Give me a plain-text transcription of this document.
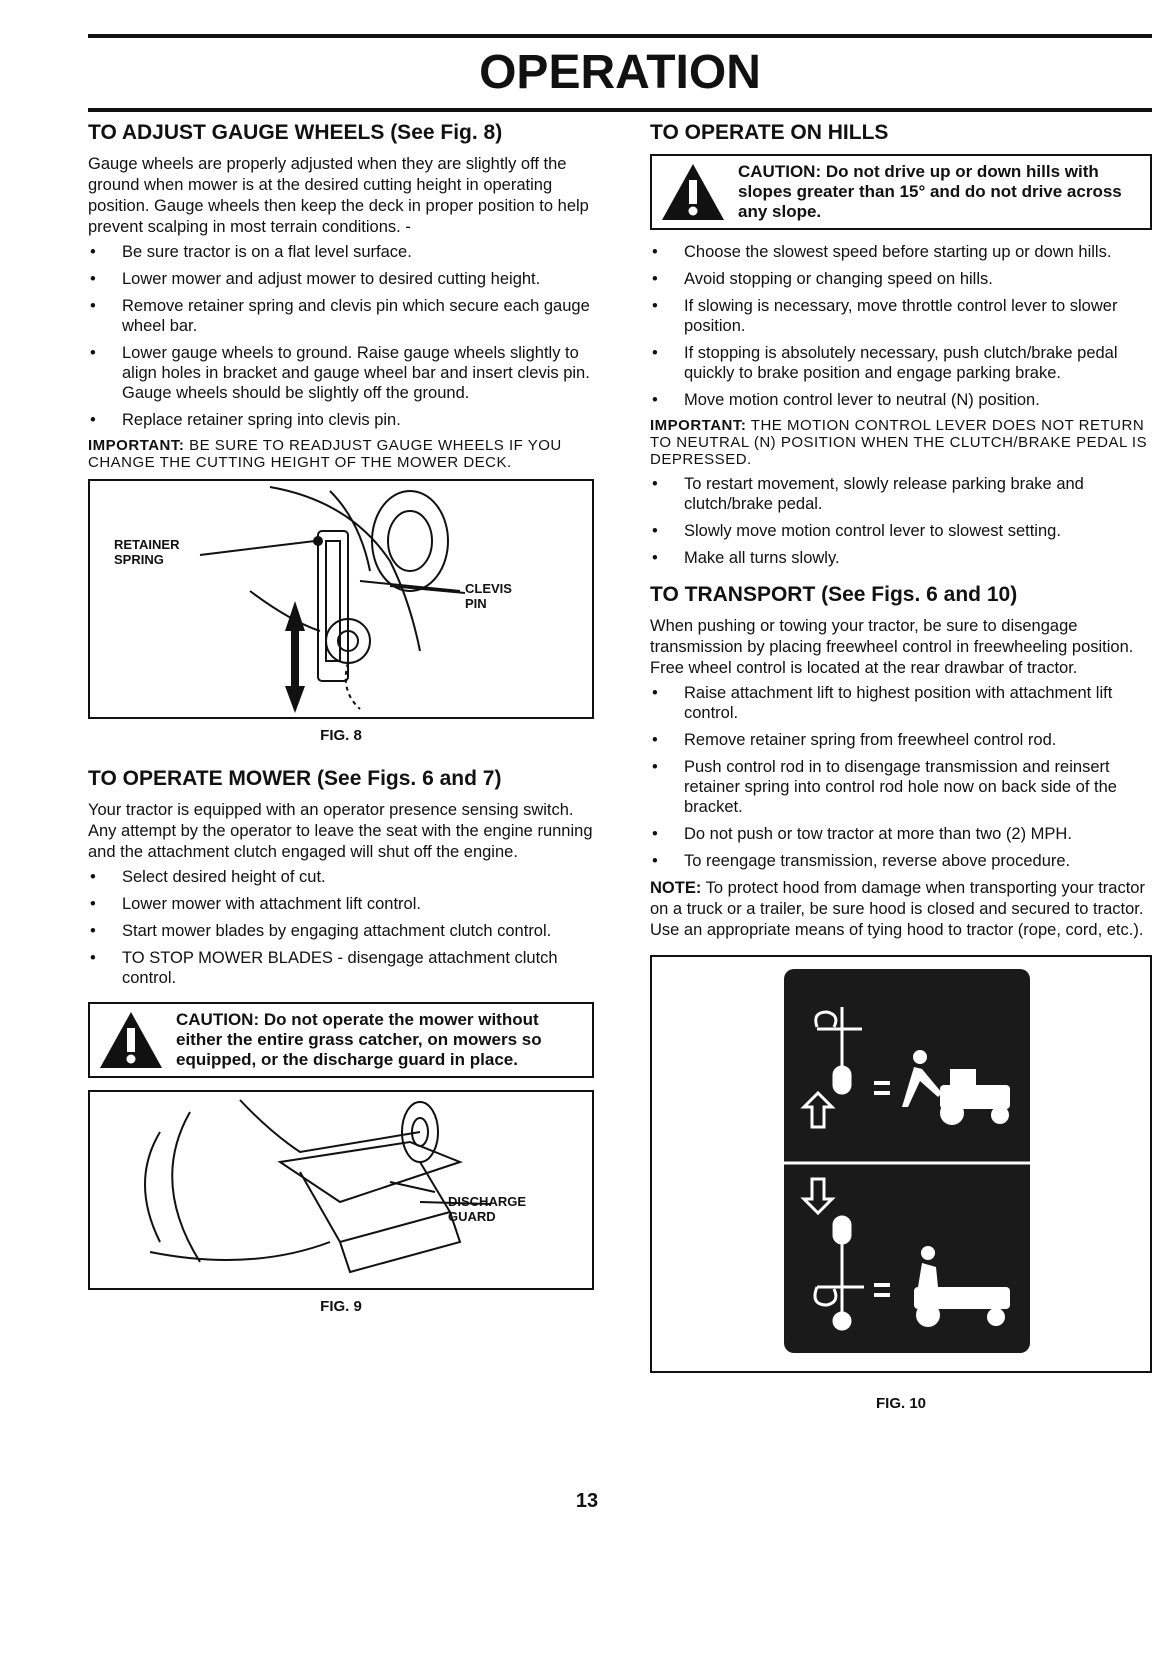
OPERATION
TO ADJUST GAUGE WHEELS (See Fig. 8)

Gauge wheels are properly adjusted when they are slightly off the ground when mower is at the desired cutting height in operating position. Gauge wheels then keep the deck in proper position to help prevent scalping in most terrain conditions. -

• Be sure tractor is on a flat level surface.
• Lower mower and adjust mower to desired cutting height.
• Remove retainer spring and clevis pin which secure each gauge wheel bar.
• Lower gauge wheels to ground. Raise gauge wheels slightly to align holes in bracket and gauge wheel bar and insert clevis pin. Gauge wheels should be slightly off the ground.
• Replace retainer spring into clevis pin.
IMPORTANT: BE SURE TO READJUST GAUGE WHEELS IF YOU CHANGE THE CUTTING HEIGHT OF THE MOWER DECK.
RETAINER SPRING
CLEVIS PIN
FIG. 8
TO OPERATE MOWER (See Figs. 6 and 7)

Your tractor is equipped with an operator presence sensing switch. Any attempt by the operator to leave the seat with the engine running and the attachment clutch engaged will shut off the engine.

• Select desired height of cut.
• Lower mower with attachment lift control.
• Start mower blades by engaging attachment clutch control.
• TO STOP MOWER BLADES - disengage attachment clutch control.
CAUTION: Do not operate the mower without either the entire grass catcher, on mowers so equipped, or the discharge guard in place.
DISCHARGE GUARD
FIG. 9
TO OPERATE ON HILLS
CAUTION: Do not drive up or down hills with slopes greater than 15° and do not drive across any slope.
• Choose the slowest speed before starting up or down hills.
• Avoid stopping or changing speed on hills.
• If slowing is necessary, move throttle control lever to slower position.
• If stopping is absolutely necessary, push clutch/brake pedal quickly to brake position and engage parking brake.
• Move motion control lever to neutral (N) position.
IMPORTANT: THE MOTION CONTROL LEVER DOES NOT RETURN TO NEUTRAL (N) POSITION WHEN THE CLUTCH/BRAKE PEDAL IS DEPRESSED.
• To restart movement, slowly release parking brake and clutch/brake pedal.
• Slowly move motion control lever to slowest setting.
• Make all turns slowly.
TO TRANSPORT (See Figs. 6 and 10)

When pushing or towing your tractor, be sure to disengage transmission by placing freewheel control in freewheeling position. Free wheel control is located at the rear drawbar of tractor.

• Raise attachment lift to highest position with attachment lift control.
• Remove retainer spring from freewheel control rod.
• Push control rod in to disengage transmission and reinsert retainer spring into control rod hole now on back side of the bracket.
• Do not push or tow tractor at more than two (2) MPH.
• To reengage transmission, reverse above procedure.

NOTE: To protect hood from damage when transporting your tractor on a truck or a trailer, be sure hood is closed and secured to tractor. Use an appropriate means of tying hood to tractor (rope, cord, etc.).

FIG. 10
13
